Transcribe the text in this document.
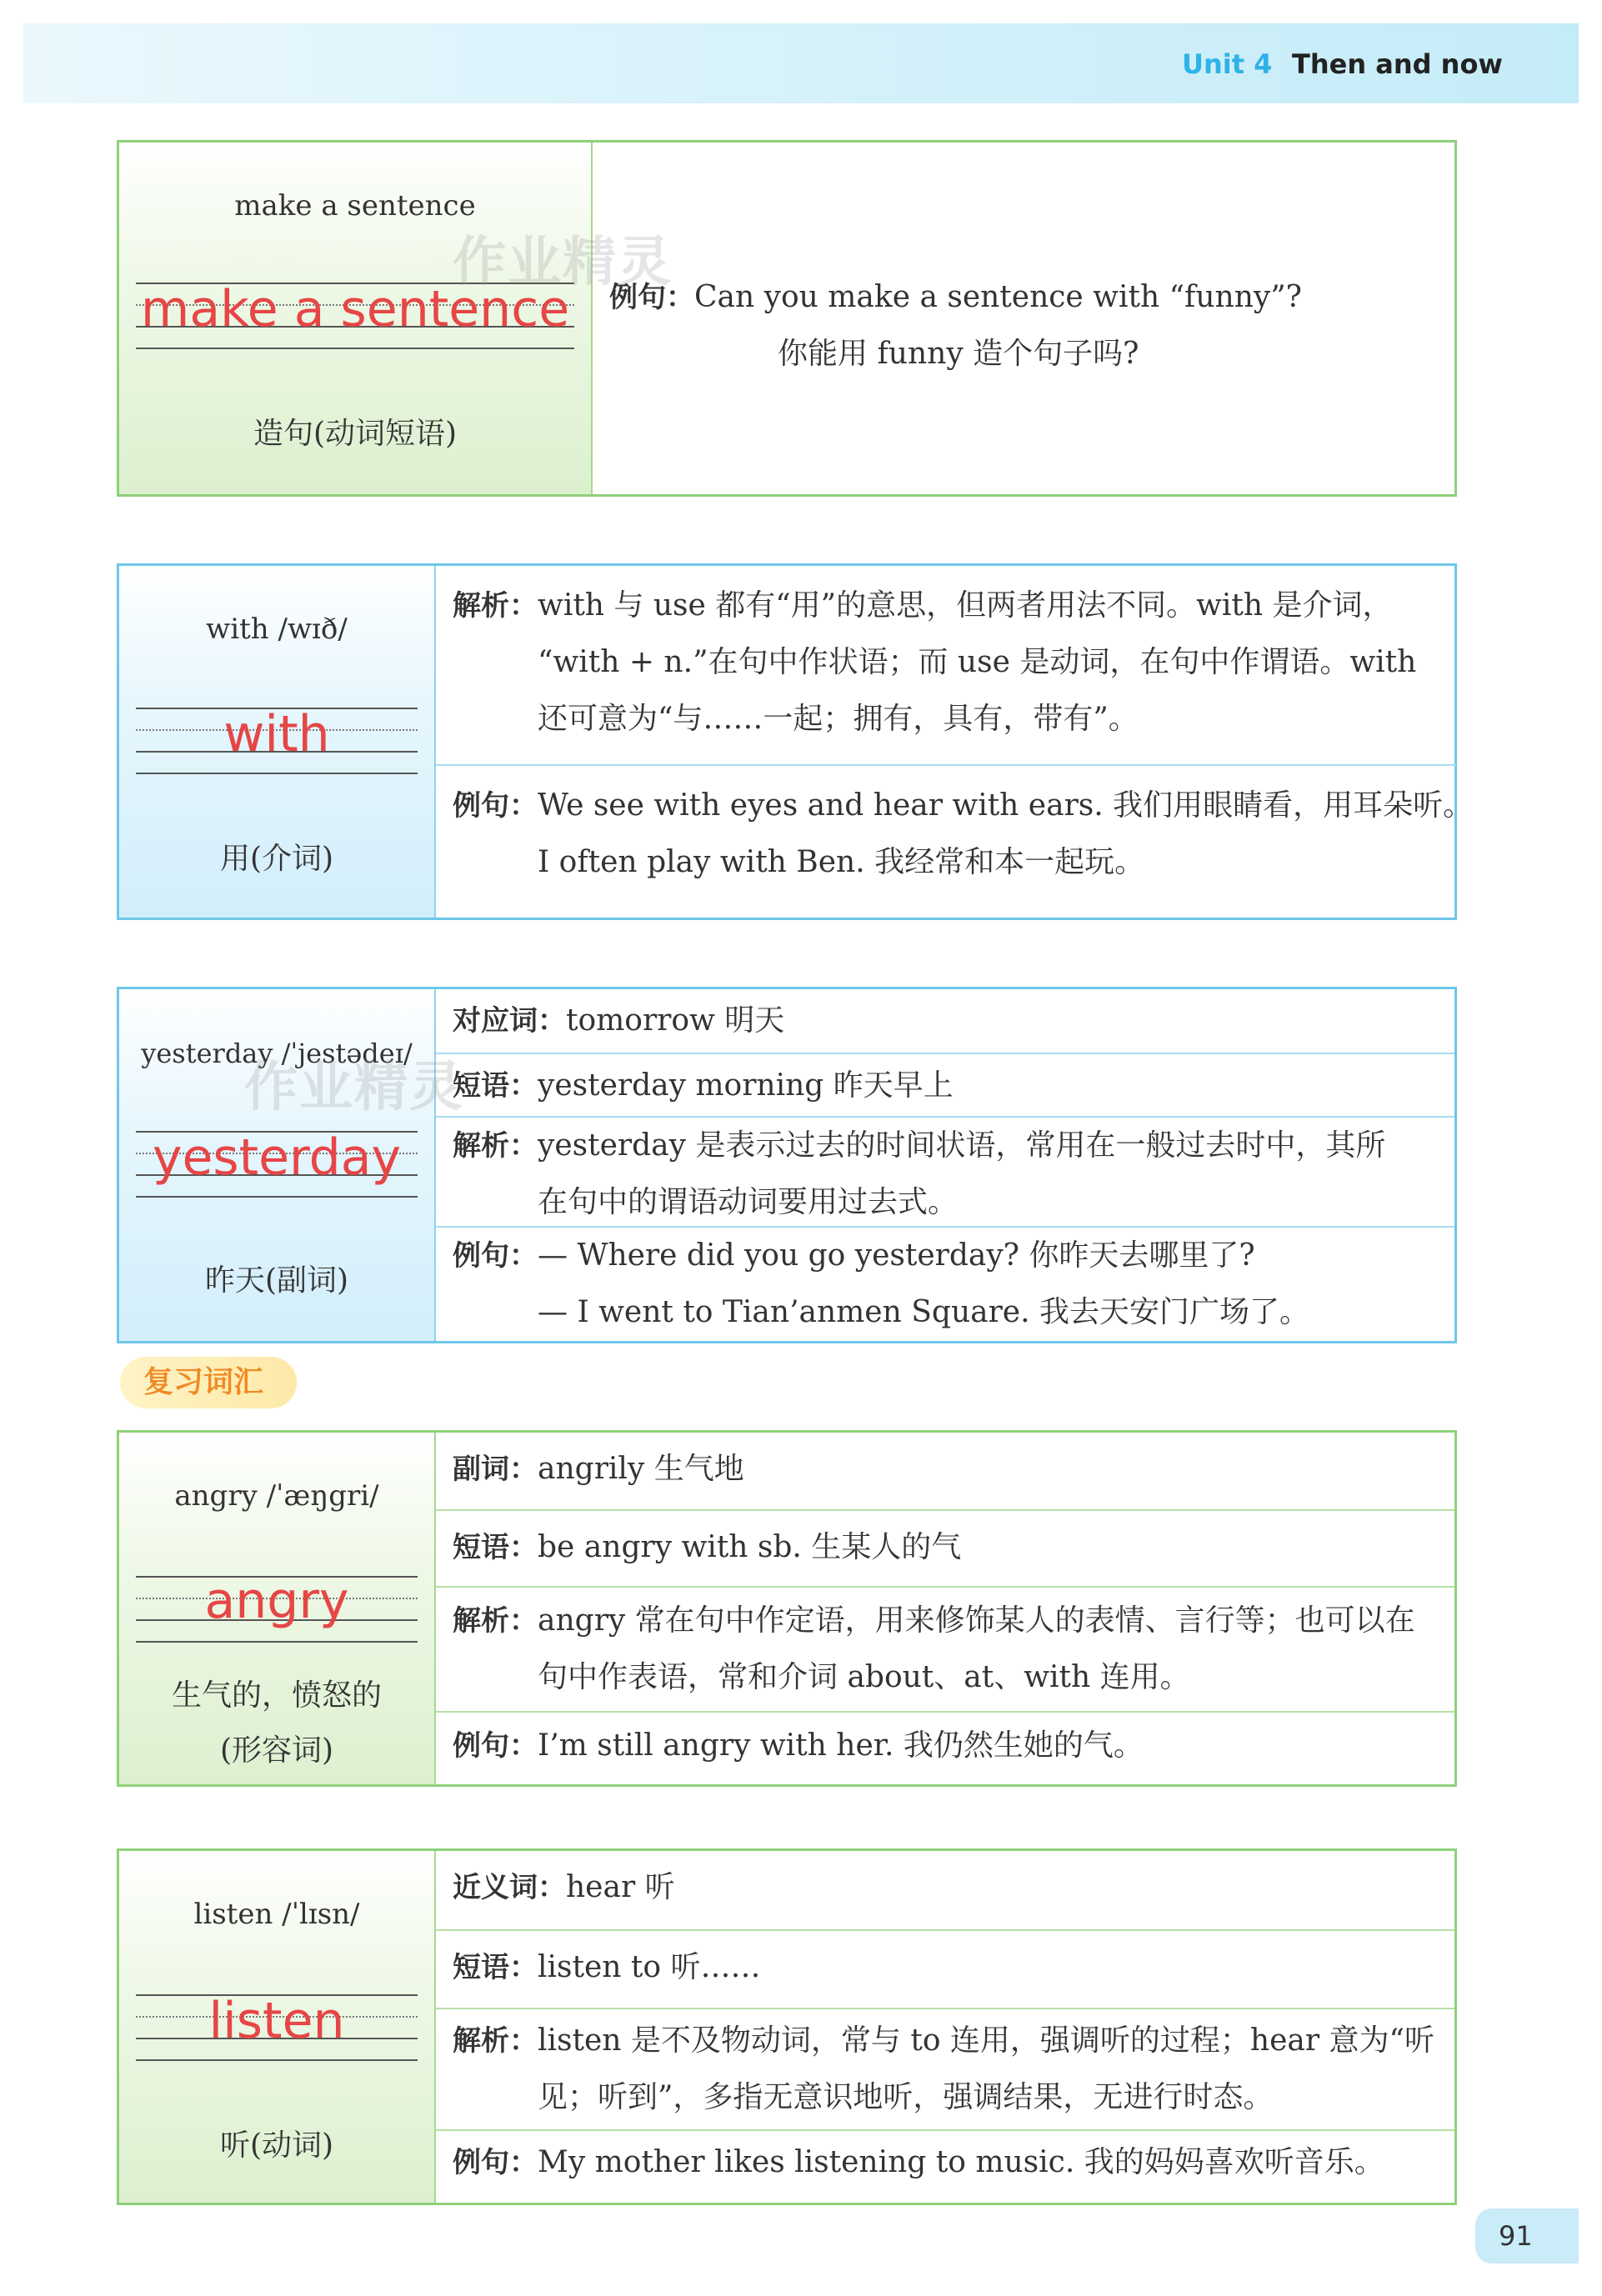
Unit 4 Then and now
make a sentence
make a sentence
造句(动词短语)
例句： Can you make a sentence with “funny”?
你能用 funny 造个句子吗?
作业精灵
with /wɪð/
with
用(介词)
解析： with 与 use 都有“用”的意思，但两者用法不同。with 是介词，
“with + n.”在句中作状语；而 use 是动词，在句中作谓语。with
还可意为“与……一起；拥有，具有，带有”。
例句： We see with eyes and hear with ears. 我们用眼睛看，用耳朵听。
I often play with Ben. 我经常和本一起玩。
yesterday /ˈjestədeɪ/
yesterday
昨天(副词)
对应词： tomorrow 明天
短语： yesterday morning 昨天早上
解析： yesterday 是表示过去的时间状语，常用在一般过去时中，其所
在句中的谓语动词要用过去式。
例句： — Where did you go yesterday? 你昨天去哪里了?
— I went to Tian’anmen Square. 我去天安门广场了。
作业精灵
复习词汇
angry /ˈæŋgri/
angry
生气的，愤怒的
(形容词)
副词： angrily 生气地
短语： be angry with sb. 生某人的气
解析： angry 常在句中作定语，用来修饰某人的表情、言行等；也可以在
句中作表语，常和介词 about、at、with 连用。
例句： I’m still angry with her. 我仍然生她的气。
listen /ˈlɪsn/
listen
听(动词)
近义词： hear 听
短语： listen to 听……
解析： listen 是不及物动词，常与 to 连用，强调听的过程；hear 意为“听
见；听到”，多指无意识地听，强调结果，无进行时态。
例句： My mother likes listening to music. 我的妈妈喜欢听音乐。
91
